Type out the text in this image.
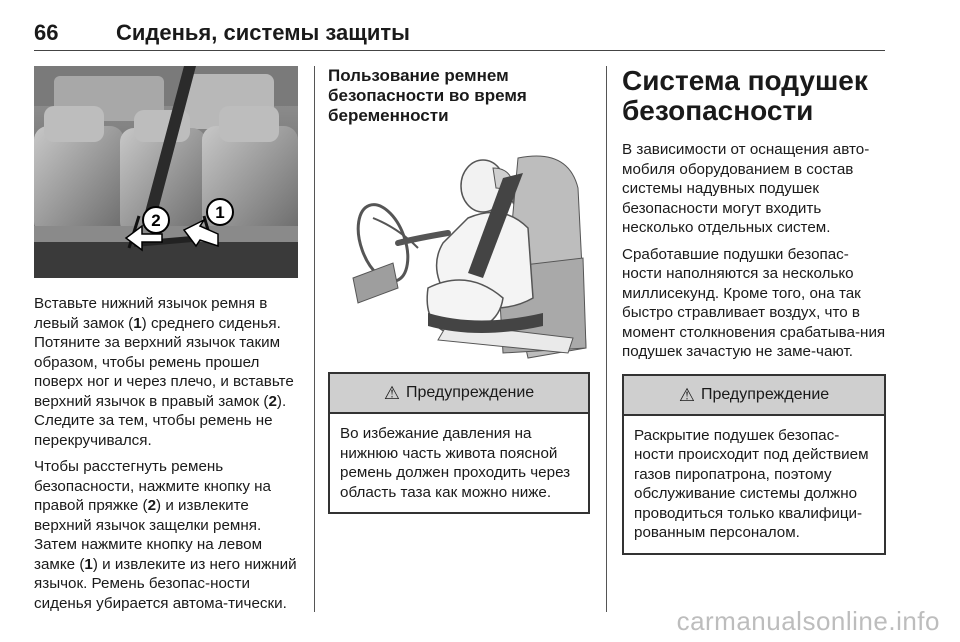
66	Сиденья, системы защиты
2	1

Вставьте нижний язычок ремня в левый замок (1) среднего сиденья. Потяните за верхний язычок таким образом, чтобы ремень прошел поверх ног и через плечо, и вставьте верхний язычок в правый замок (2). Следите за тем, чтобы ремень не перекручивался.

Чтобы расстегнуть ремень безопасности, нажмите кнопку на правой пряжке (2) и извлеките верхний язычок защелки ремня. Затем нажмите кнопку на левом замке (1) и извлеките из него нижний язычок. Ремень безопас-ности сиденья убирается автома-тически.

Пользование ремнем безопасности во время беременности
⚠ Предупреждение
Во избежание давления на нижнюю часть живота поясной ремень должен проходить через область таза как можно ниже.
Система подушек безопасности

В зависимости от оснащения авто-мобиля оборудованием в состав системы надувных подушек безопасности могут входить несколько отдельных систем.

Сработавшие подушки безопас-ности наполняются за несколько миллисекунд. Кроме того, она так быстро стравливает воздух, что в момент столкновения срабатыва-ния подушек зачастую не заме-чают.

⚠ Предупреждение
Раскрытие подушек безопас-ности происходит под действием газов пиропатрона, поэтому обслуживание системы должно проводиться только квалифици-рованным персоналом.
carmanualsonline.info
